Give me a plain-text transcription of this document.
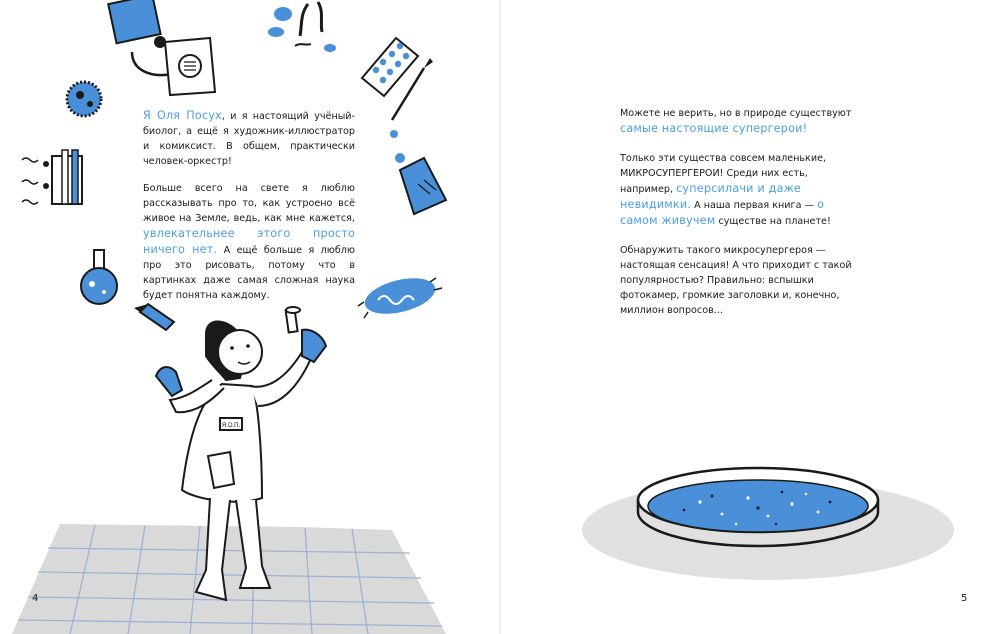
Я.О.П.

Я Оля Посух, и я настоящий учёный-биолог, а ещё я художник-иллюстратор и комиксист. В общем, практически человек-оркестр!

Больше всего на свете я люблю рассказывать про то, как устроено всё живое на Земле, ведь, как мне кажется, увлекательнее этого просто ничего нет. А ещё больше я люблю про это рисовать, потому что в картинках даже самая сложная наука будет понятна каждому.

4

Можете не верить, но в природе существуют
самые настоящие супергерои!

Только эти существа совсем маленькие, МИКРОСУПЕРГЕРОИ! Среди них есть, например, суперсилачи и даже невидимки. А наша первая книга — о самом живучем существе на планете!

Обнаружить такого микросупергероя — настоящая сенсация! А что приходит с такой популярностью? Правильно: вспышки фотокамер, громкие заголовки и, конечно, миллион вопросов...

5
